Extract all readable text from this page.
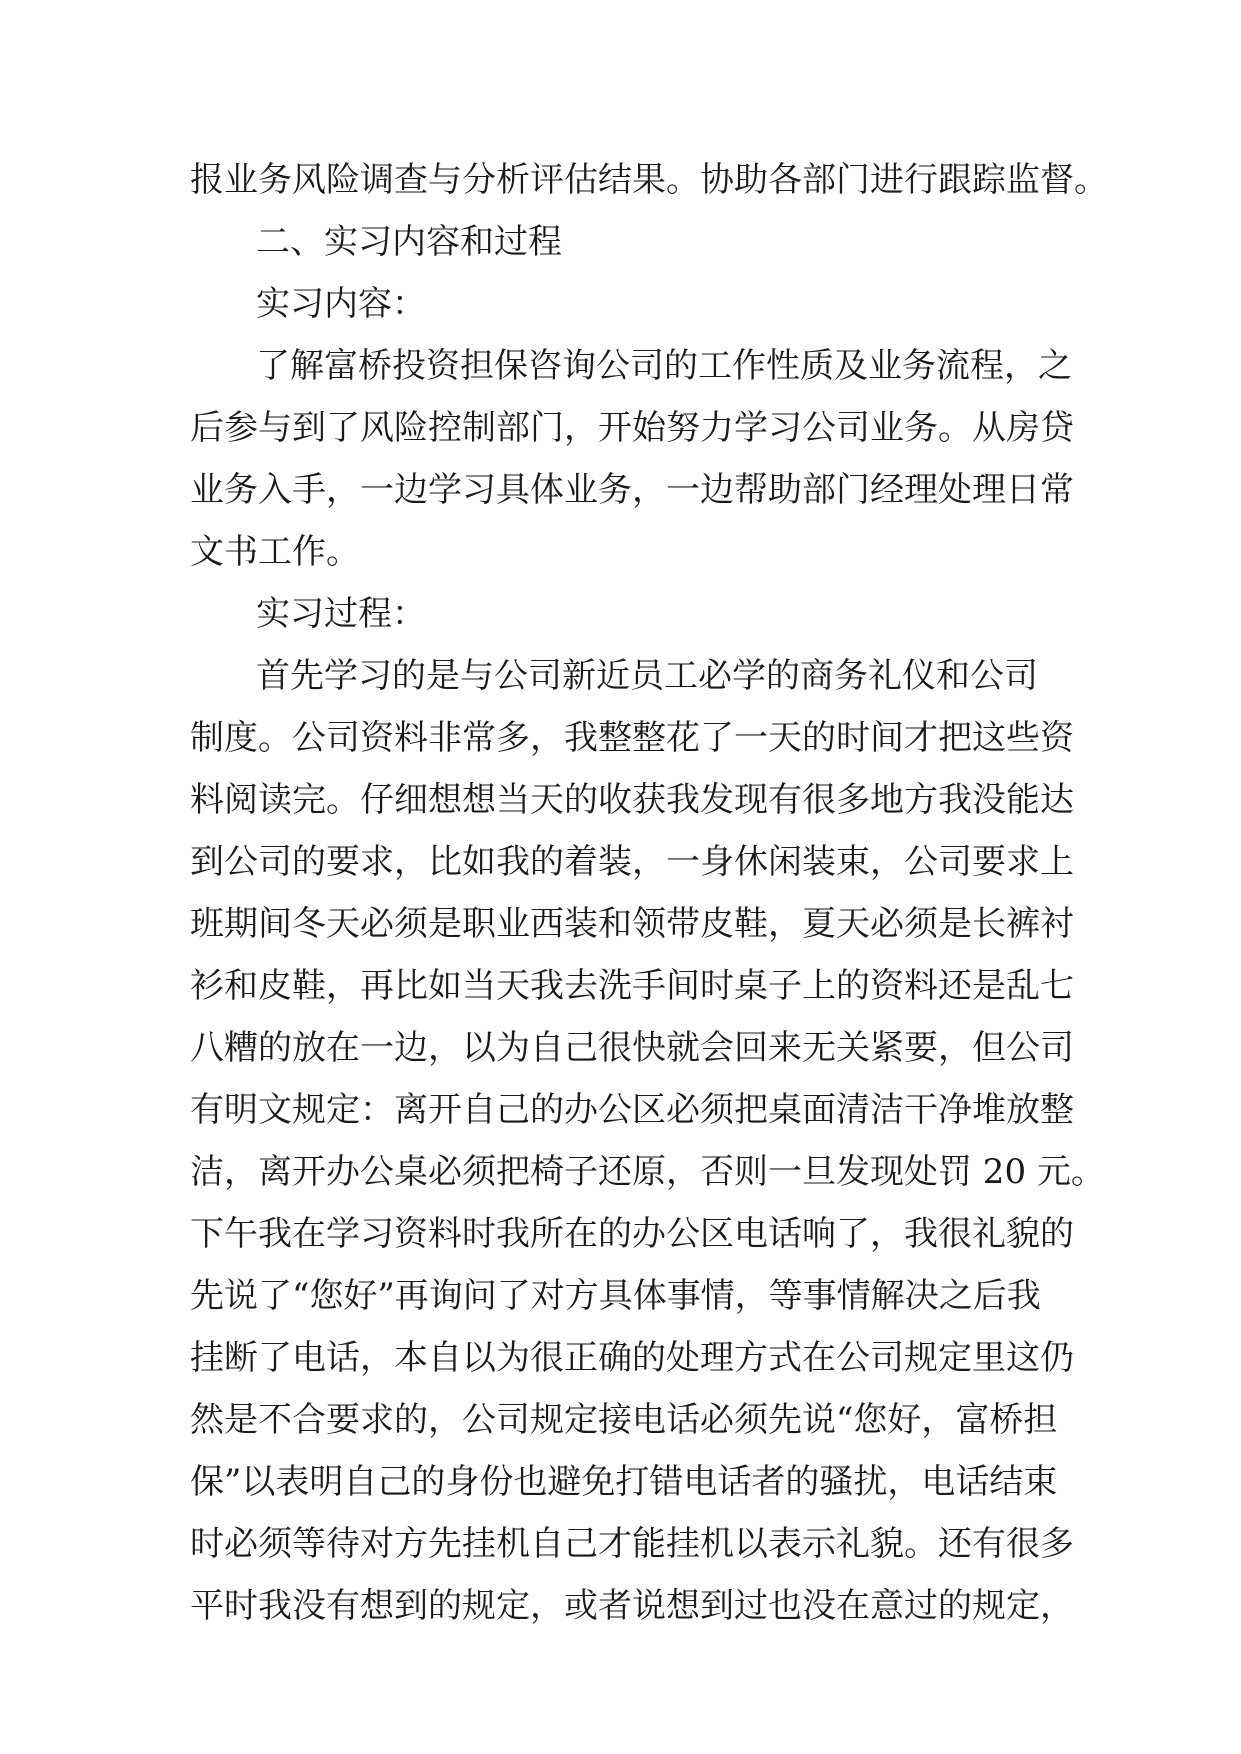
报业务风险调查与分析评估结果。协助各部门进行跟踪监督。

二、实习内容和过程

实习内容：

了解富桥投资担保咨询公司的工作性质及业务流程，之

后参与到了风险控制部门，开始努力学习公司业务。从房贷

业务入手，一边学习具体业务，一边帮助部门经理处理日常

文书工作。

实习过程：

首先学习的是与公司新近员工必学的商务礼仪和公司

制度。公司资料非常多，我整整花了一天的时间才把这些资

料阅读完。仔细想想当天的收获我发现有很多地方我没能达

到公司的要求，比如我的着装，一身休闲装束，公司要求上

班期间冬天必须是职业西装和领带皮鞋，夏天必须是长裤衬

衫和皮鞋，再比如当天我去洗手间时桌子上的资料还是乱七

八糟的放在一边，以为自己很快就会回来无关紧要，但公司

有明文规定：离开自己的办公区必须把桌面清洁干净堆放整

洁，离开办公桌必须把椅子还原，否则一旦发现处罚 20 元。

下午我在学习资料时我所在的办公区电话响了，我很礼貌的

先说了“您好”再询问了对方具体事情，等事情解决之后我

挂断了电话，本自以为很正确的处理方式在公司规定里这仍

然是不合要求的，公司规定接电话必须先说“您好，富桥担

保”以表明自己的身份也避免打错电话者的骚扰，电话结束

时必须等待对方先挂机自己才能挂机以表示礼貌。还有很多

平时我没有想到的规定，或者说想到过也没在意过的规定，
